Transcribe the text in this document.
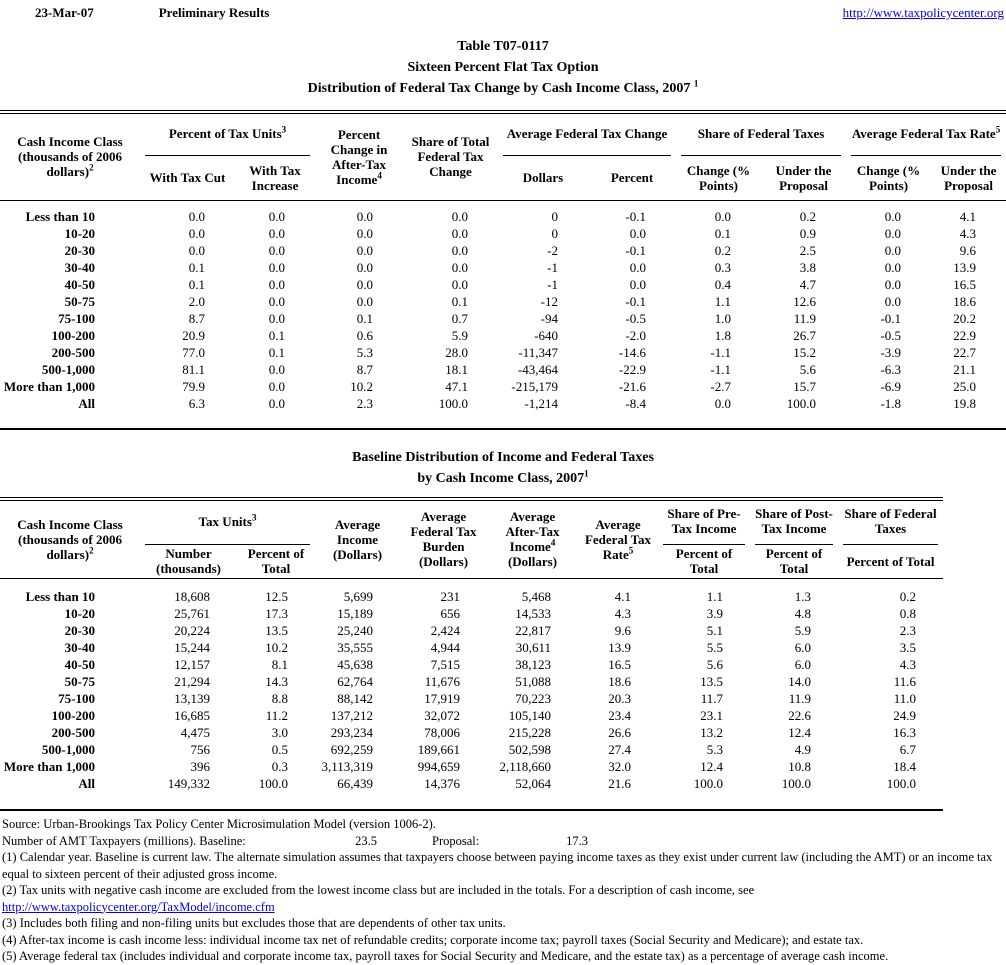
23-Mar-07	Preliminary Results	http://www.taxpolicycenter.org
Table T07-0117
Sixteen Percent Flat Tax Option
Distribution of Federal Tax Change by Cash Income Class, 2007 $^1$
Cash Income Class (thousands of 2006 dollars)$^2$	Percent of Tax Units$^3$		Percent Change in After-Tax Income$^4$	Share of Total Federal Tax Change	Average Federal Tax Change		Share of Federal Taxes		Average Federal Tax Rate$^5$

	With Tax Cut	With Tax Increase			Dollars	Percent	Change (% Points)	Under the Proposal	Change (% Points)	Under the Proposal
Less than 10	0.0	0.0	0.0	0.0	0	-0.1	0.0	0.2	0.0	4.1
10-20	0.0	0.0	0.0	0.0	0	0.0	0.1	0.9	0.0	4.3
20-30	0.0	0.0	0.0	0.0	-2	-0.1	0.2	2.5	0.0	9.6
30-40	0.1	0.0	0.0	0.0	-1	0.0	0.3	3.8	0.0	13.9
40-50	0.1	0.0	0.0	0.0	-1	0.0	0.4	4.7	0.0	16.5
50-75	2.0	0.0	0.0	0.1	-12	-0.1	1.1	12.6	0.0	18.6
75-100	8.7	0.0	0.1	0.7	-94	-0.5	1.0	11.9	-0.1	20.2
100-200	20.9	0.1	0.6	5.9	-640	-2.0	1.8	26.7	-0.5	22.9
200-500	77.0	0.1	5.3	28.0	-11,347	-14.6	-1.1	15.2	-3.9	22.7
500-1,000	81.1	0.0	8.7	18.1	-43,464	-22.9	-1.1	5.6	-6.3	21.1
More than 1,000	79.9	0.0	10.2	47.1	-215,179	-21.6	-2.7	15.7	-6.9	25.0
All	6.3	0.0	2.3	100.0	-1,214	-8.4	0.0	100.0	-1.8	19.8
Baseline Distribution of Income and Federal Taxes
by Cash Income Class, 2007$^1$
Cash Income Class (thousands of 2006 dollars)$^2$	Tax Units$^3$		Average Income (Dollars)	Average Federal Tax Burden (Dollars)	Average After-Tax Income$^4$ (Dollars)	Average Federal Tax Rate$^5$	Share of Pre-Tax Income	Share of Post-Tax Income	Share of Federal Taxes

	Number (thousands)	Percent of Total					Percent of Total	Percent of Total	Percent of Total
Less than 10	18,608	12.5	5,699	231	5,468	4.1	1.1	1.3	0.2
10-20	25,761	17.3	15,189	656	14,533	4.3	3.9	4.8	0.8
20-30	20,224	13.5	25,240	2,424	22,817	9.6	5.1	5.9	2.3
30-40	15,244	10.2	35,555	4,944	30,611	13.9	5.5	6.0	3.5
40-50	12,157	8.1	45,638	7,515	38,123	16.5	5.6	6.0	4.3
50-75	21,294	14.3	62,764	11,676	51,088	18.6	13.5	14.0	11.6
75-100	13,139	8.8	88,142	17,919	70,223	20.3	11.7	11.9	11.0
100-200	16,685	11.2	137,212	32,072	105,140	23.4	23.1	22.6	24.9
200-500	4,475	3.0	293,234	78,006	215,228	26.6	13.2	12.4	16.3
500-1,000	756	0.5	692,259	189,661	502,598	27.4	5.3	4.9	6.7
More than 1,000	396	0.3	3,113,319	994,659	2,118,660	32.0	12.4	10.8	18.4
All	149,332	100.0	66,439	14,376	52,064	21.6	100.0	100.0	100.0
Source: Urban-Brookings Tax Policy Center Microsimulation Model (version 1006-2).
Number of AMT Taxpayers (millions). Baseline:	23.5	Proposal:	17.3
(1) Calendar year. Baseline is current law. The alternate simulation assumes that taxpayers choose between paying income taxes as they exist under current law (including the AMT) or an income tax equal to sixteen percent of their adjusted gross income.
(2) Tax units with negative cash income are excluded from the lowest income class but are included in the totals. For a description of cash income, see
http://www.taxpolicycenter.org/TaxModel/income.cfm
(3) Includes both filing and non-filing units but excludes those that are dependents of other tax units.
(4) After-tax income is cash income less: individual income tax net of refundable credits; corporate income tax; payroll taxes (Social Security and Medicare); and estate tax.
(5) Average federal tax (includes individual and corporate income tax, payroll taxes for Social Security and Medicare, and the estate tax) as a percentage of average cash income.
